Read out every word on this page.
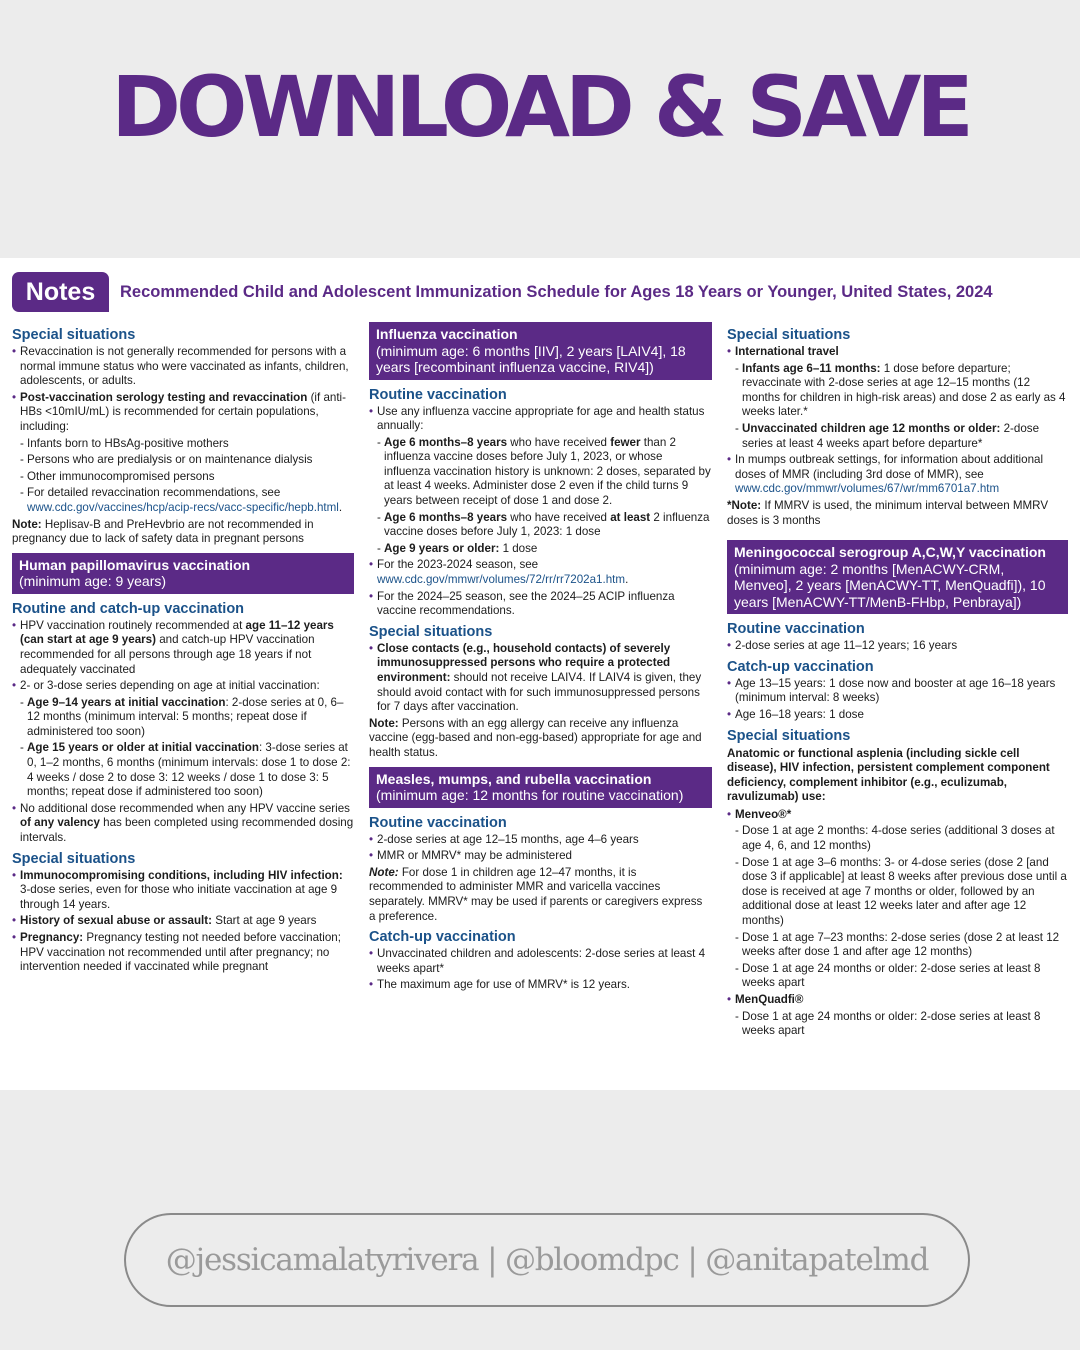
DOWNLOAD & SAVE
Notes	Recommended Child and Adolescent Immunization Schedule for Ages 18 Years or Younger, United States, 2024
Special situations
• Revaccination is not generally recommended for persons with a normal immune status who were vaccinated as infants, children, adolescents, or adults.
• Post-vaccination serology testing and revaccination (if anti-HBs <10mIU/mL) is recommended for certain populations, including:
- Infants born to HBsAg-positive mothers
- Persons who are predialysis or on maintenance dialysis
- Other immunocompromised persons
- For detailed revaccination recommendations, see www.cdc.gov/vaccines/hcp/acip-recs/vacc-specific/hepb.html.
Note: Heplisav-B and PreHevbrio are not recommended in pregnancy due to lack of safety data in pregnant persons
Human papillomavirus vaccination
(minimum age: 9 years)
Routine and catch-up vaccination
• HPV vaccination routinely recommended at age 11–12 years (can start at age 9 years) and catch-up HPV vaccination recommended for all persons through age 18 years if not adequately vaccinated
• 2- or 3-dose series depending on age at initial vaccination:
- Age 9–14 years at initial vaccination: 2-dose series at 0, 6–12 months (minimum interval: 5 months; repeat dose if administered too soon)
- Age 15 years or older at initial vaccination: 3-dose series at 0, 1–2 months, 6 months (minimum intervals: dose 1 to dose 2: 4 weeks / dose 2 to dose 3: 12 weeks / dose 1 to dose 3: 5 months; repeat dose if administered too soon)
• No additional dose recommended when any HPV vaccine series of any valency has been completed using recommended dosing intervals.
Special situations
• Immunocompromising conditions, including HIV infection: 3-dose series, even for those who initiate vaccination at age 9 through 14 years.
• History of sexual abuse or assault: Start at age 9 years
• Pregnancy: Pregnancy testing not needed before vaccination; HPV vaccination not recommended until after pregnancy; no intervention needed if vaccinated while pregnant
Influenza vaccination
(minimum age: 6 months [IIV], 2 years [LAIV4], 18 years [recombinant influenza vaccine, RIV4])
Routine vaccination
• Use any influenza vaccine appropriate for age and health status annually:
- Age 6 months–8 years who have received fewer than 2 influenza vaccine doses before July 1, 2023, or whose influenza vaccination history is unknown: 2 doses, separated by at least 4 weeks. Administer dose 2 even if the child turns 9 years between receipt of dose 1 and dose 2.
- Age 6 months–8 years who have received at least 2 influenza vaccine doses before July 1, 2023: 1 dose
- Age 9 years or older: 1 dose
• For the 2023-2024 season, see www.cdc.gov/mmwr/volumes/72/rr/rr7202a1.htm.
• For the 2024–25 season, see the 2024–25 ACIP influenza vaccine recommendations.
Special situations
• Close contacts (e.g., household contacts) of severely immunosuppressed persons who require a protected environment: should not receive LAIV4. If LAIV4 is given, they should avoid contact with for such immunosuppressed persons for 7 days after vaccination.
Note: Persons with an egg allergy can receive any influenza vaccine (egg-based and non-egg-based) appropriate for age and health status.
Measles, mumps, and rubella vaccination
(minimum age: 12 months for routine vaccination)
Routine vaccination
• 2-dose series at age 12–15 months, age 4–6 years
• MMR or MMRV* may be administered
Note: For dose 1 in children age 12–47 months, it is recommended to administer MMR and varicella vaccines separately. MMRV* may be used if parents or caregivers express a preference.
Catch-up vaccination
• Unvaccinated children and adolescents: 2-dose series at least 4 weeks apart*
• The maximum age for use of MMRV* is 12 years.
Special situations
• International travel
- Infants age 6–11 months: 1 dose before departure; revaccinate with 2-dose series at age 12–15 months (12 months for children in high-risk areas) and dose 2 as early as 4 weeks later.*
- Unvaccinated children age 12 months or older: 2-dose series at least 4 weeks apart before departure*
• In mumps outbreak settings, for information about additional doses of MMR (including 3rd dose of MMR), see www.cdc.gov/mmwr/volumes/67/wr/mm6701a7.htm
*Note: If MMRV is used, the minimum interval between MMRV doses is 3 months
Meningococcal serogroup A,C,W,Y vaccination
(minimum age: 2 months [MenACWY-CRM, Menveo], 2 years [MenACWY-TT, MenQuadfi]), 10 years [MenACWY-TT/MenB-FHbp, Penbraya])
Routine vaccination
• 2-dose series at age 11–12 years; 16 years
Catch-up vaccination
• Age 13–15 years: 1 dose now and booster at age 16–18 years (minimum interval: 8 weeks)
• Age 16–18 years: 1 dose
Special situations
Anatomic or functional asplenia (including sickle cell disease), HIV infection, persistent complement component deficiency, complement inhibitor (e.g., eculizumab, ravulizumab) use:
• Menveo®*
- Dose 1 at age 2 months: 4-dose series (additional 3 doses at age 4, 6, and 12 months)
- Dose 1 at age 3–6 months: 3- or 4-dose series (dose 2 [and dose 3 if applicable] at least 8 weeks after previous dose until a dose is received at age 7 months or older, followed by an additional dose at least 12 weeks later and after age 12 months)
- Dose 1 at age 7–23 months: 2-dose series (dose 2 at least 12 weeks after dose 1 and after age 12 months)
- Dose 1 at age 24 months or older: 2-dose series at least 8 weeks apart
• MenQuadfi®
- Dose 1 at age 24 months or older: 2-dose series at least 8 weeks apart
@jessicamalatyrivera | @bloomdpc | @anitapatelmd
